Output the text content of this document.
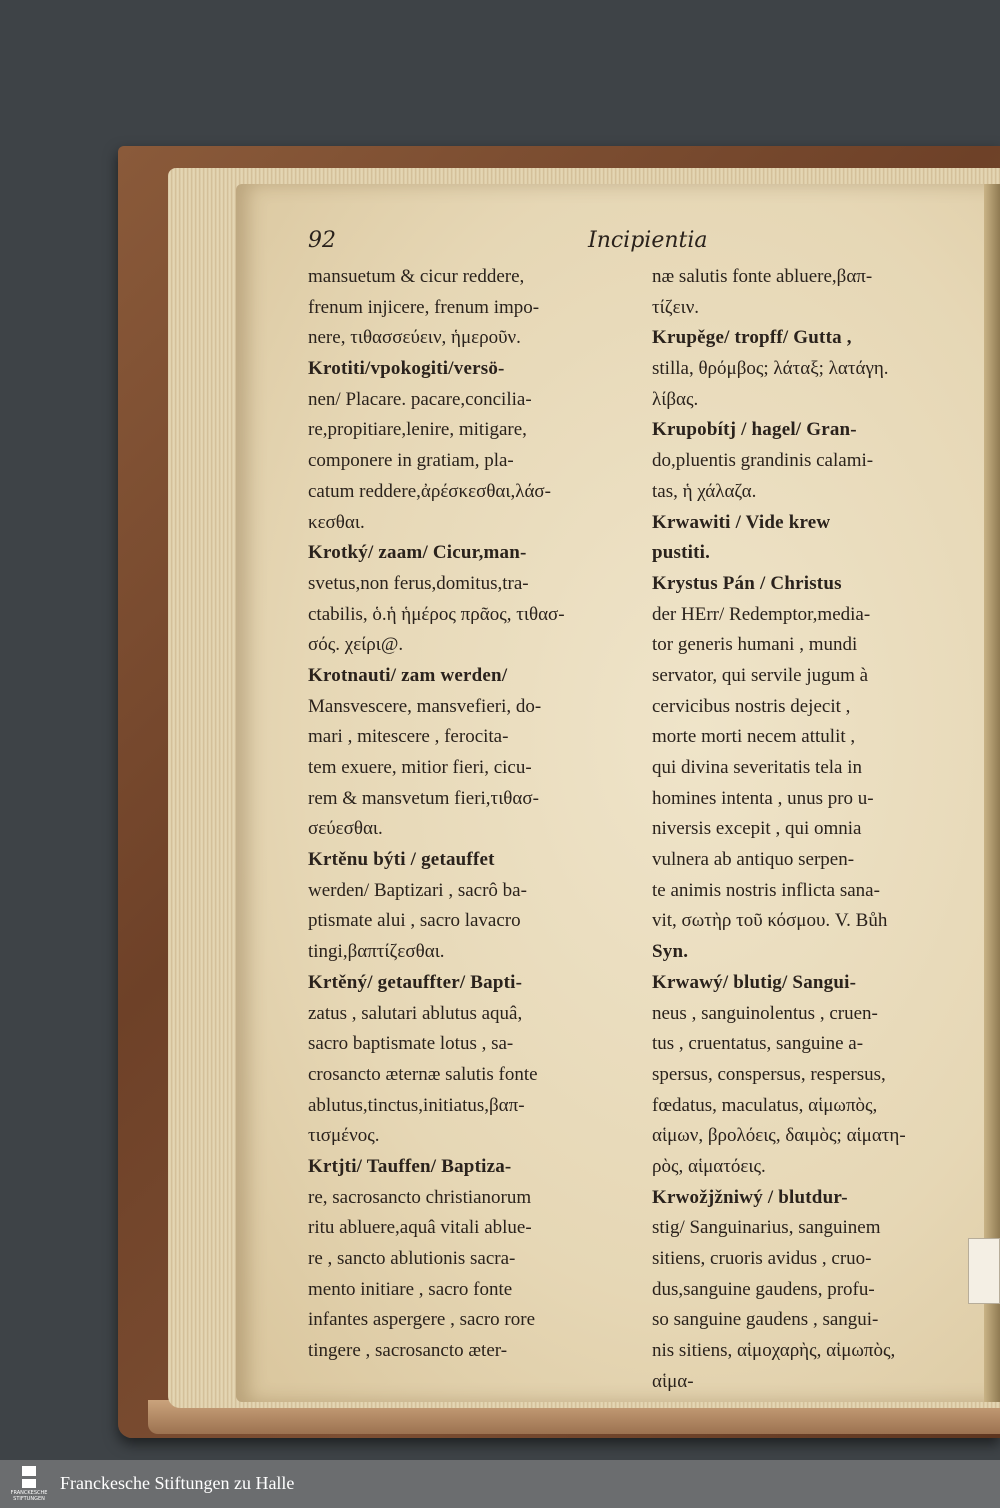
92	Incipientia
mansuetum & cicur reddere,
frenum injicere, frenum impo-
nere, τιθασσεύειν, ἡμεροῦν.
Krotiti/vpokogiti/versö-
nen/ Placare. pacare,concilia-
re,propitiare,lenire, mitigare,
componere in gratiam, pla-
catum reddere,ἀρέσκεσθαι,λάσ-
κεσθαι.
Krotký/ zaam/ Cicur,man-
svetus,non ferus,domitus,tra-
ctabilis, ὁ.ἡ ἡμέρος πρᾶος, τιθασ-
σός. χείρι@.
Krotnauti/ zam werden/
Mansvescere, mansvefieri, do-
mari , mitescere , ferocita-
tem exuere, mitior fieri, cicu-
rem & mansvetum fieri,τιθασ-
σεύεσθαι.
Krtěnu býti / getauffet
werden/ Baptizari , sacrô ba-
ptismate alui , sacro lavacro
tingi,βαπτίζεσθαι.
Krtěný/ getauffter/ Bapti-
zatus , salutari ablutus aquâ,
sacro baptismate lotus , sa-
crosancto æternæ salutis fonte
ablutus,tinctus,initiatus,βαπ-
τισμένος.
Krtjti/ Tauffen/ Baptiza-
re, sacrosancto christianorum
ritu abluere,aquâ vitali ablue-
re , sancto ablutionis sacra-
mento initiare , sacro fonte
infantes aspergere , sacro rore
tingere , sacrosancto æter-
næ salutis fonte abluere,βαπ-
τίζειν.
Krupěge/ tropff/ Gutta ,
stilla, θρόμβος; λάταξ; λατάγη.
λίβας.
Krupobítj / hagel/ Gran-
do,pluentis grandinis calami-
tas, ἡ χάλαζα.
Krwawiti / Vide krew
pustiti.
Krystus Pán / Christus
der HErr/ Redemptor,media-
tor generis humani , mundi
servator, qui servile jugum à
cervicibus nostris dejecit ,
morte morti necem attulit ,
qui divina severitatis tela in
homines intenta , unus pro u-
niversis excepit , qui omnia
vulnera ab antiquo serpen-
te animis nostris inflicta sana-
vit, σωτὴρ τοῦ κόσμου. V. Bůh
Syn.
Krwawý/ blutig/ Sangui-
neus , sanguinolentus , cruen-
tus , cruentatus, sanguine a-
spersus, conspersus, respersus,
fœdatus, maculatus, αἱμωπὸς,
αἱμων, βρολόεις, δαιμὸς; αἱματη-
ρὸς, αἱματόεις.
Krwožjžniwý / blutdur-
stig/ Sanguinarius, sanguinem
sitiens, cruoris avidus , cruo-
dus,sanguine gaudens, profu-
so sanguine gaudens , sangui-
nis sitiens, αἱμοχαρὴς, αἱμωπὸς,
αἱμα-
FRANCKESCHE STIFTUNGEN
Franckesche Stiftungen zu Halle
